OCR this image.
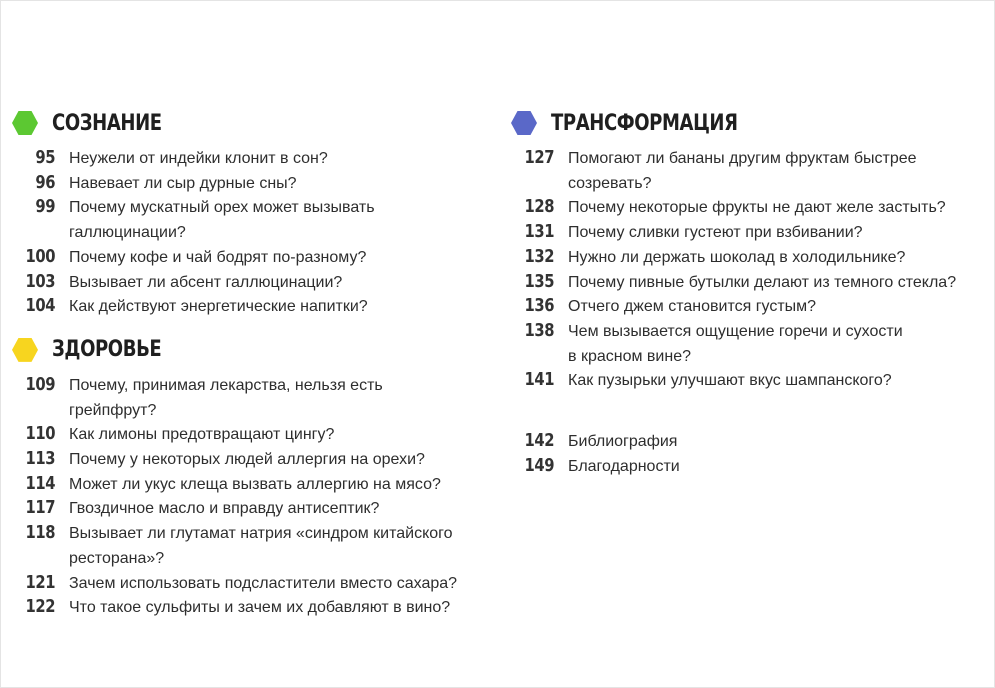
СОЗНАНИЕ
95 Неужели от индейки клонит в сон?
96 Навевает ли сыр дурные сны?
99 Почему мускатный орех может вызывать
галлюцинации?
100 Почему кофе и чай бодрят по-разному?
103 Вызывает ли абсент галлюцинации?
104 Как действуют энергетические напитки?
ЗДОРОВЬЕ
109 Почему, принимая лекарства, нельзя есть
грейпфрут?
110 Как лимоны предотвращают цингу?
113 Почему у некоторых людей аллергия на орехи?
114 Может ли укус клеща вызвать аллергию на мясо?
117 Гвоздичное масло и вправду антисептик?
118 Вызывает ли глутамат натрия «синдром китайского
ресторана»?
121 Зачем использовать подсластители вместо сахара?
122 Что такое сульфиты и зачем их добавляют в вино?
ТРАНСФОРМАЦИЯ
127 Помогают ли бананы другим фруктам быстрее
созревать?
128 Почему некоторые фрукты не дают желе застыть?
131 Почему сливки густеют при взбивании?
132 Нужно ли держать шоколад в холодильнике?
135 Почему пивные бутылки делают из темного стекла?
136 Отчего джем становится густым?
138 Чем вызывается ощущение горечи и сухости
в красном вине?
141 Как пузырьки улучшают вкус шампанского?
142 Библиография
149 Благодарности
